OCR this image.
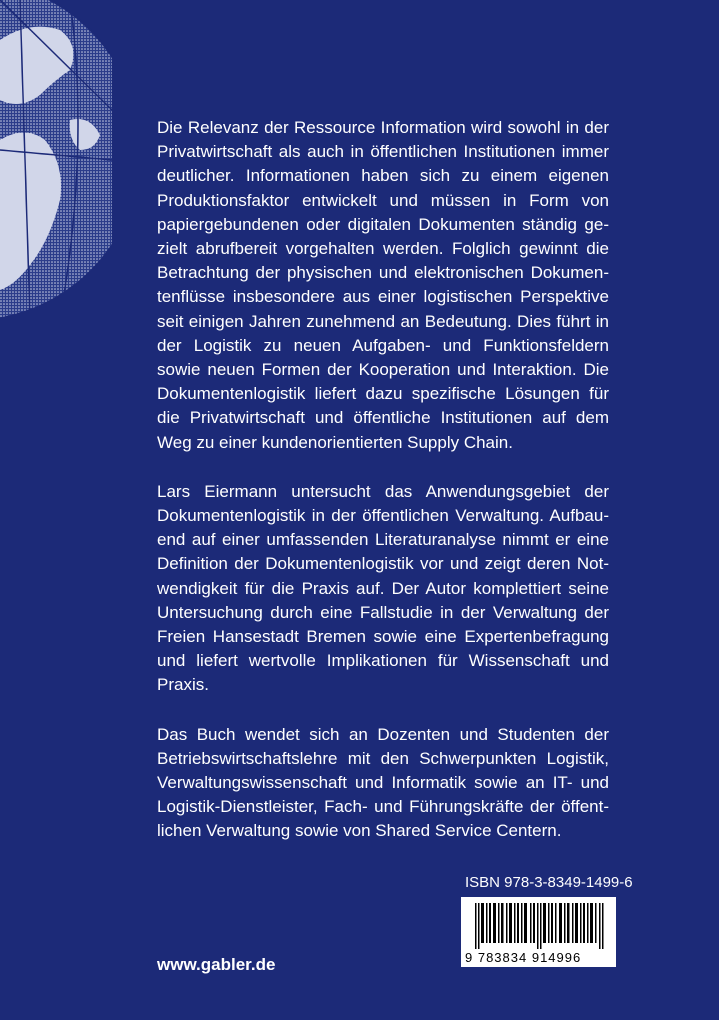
Die Relevanz der Ressource Information wird sowohl in der Privatwirtschaft als auch in öffentlichen Institutionen immer deutlicher. Informationen haben sich zu einem eigenen Produktionsfaktor entwickelt und müssen in Form von papiergebundenen oder digitalen Dokumenten ständig gezielt abrufbereit vorgehalten werden. Folglich gewinnt die Betrachtung der physischen und elektronischen Dokumentenflüsse insbesondere aus einer logistischen Perspektive seit einigen Jahren zunehmend an Bedeutung. Dies führt in der Logistik zu neuen Aufgaben- und Funktionsfeldern sowie neuen Formen der Kooperation und Interaktion. Die Dokumentenlogistik liefert dazu spezifische Lösungen für die Privatwirtschaft und öffentliche Institutionen auf dem Weg zu einer kundenorientierten Supply Chain.

Lars Eiermann untersucht das Anwendungsgebiet der Dokumentenlogistik in der öffentlichen Verwaltung. Aufbauend auf einer umfassenden Literaturanalyse nimmt er eine Definition der Dokumentenlogistik vor und zeigt deren Notwendigkeit für die Praxis auf. Der Autor komplettiert seine Untersuchung durch eine Fallstudie in der Verwaltung der Freien Hansestadt Bremen sowie eine Expertenbefragung und liefert wertvolle Implikationen für Wissenschaft und Praxis.

Das Buch wendet sich an Dozenten und Studenten der Betriebswirtschaftslehre mit den Schwerpunkten Logistik, Verwaltungswissenschaft und Informatik sowie an IT- und Logistik-Dienstleister, Fach- und Führungskräfte der öffentlichen Verwaltung sowie von Shared Service Centern.

ISBN 978-3-8349-1499-6
9 783834 914996
www.gabler.de
